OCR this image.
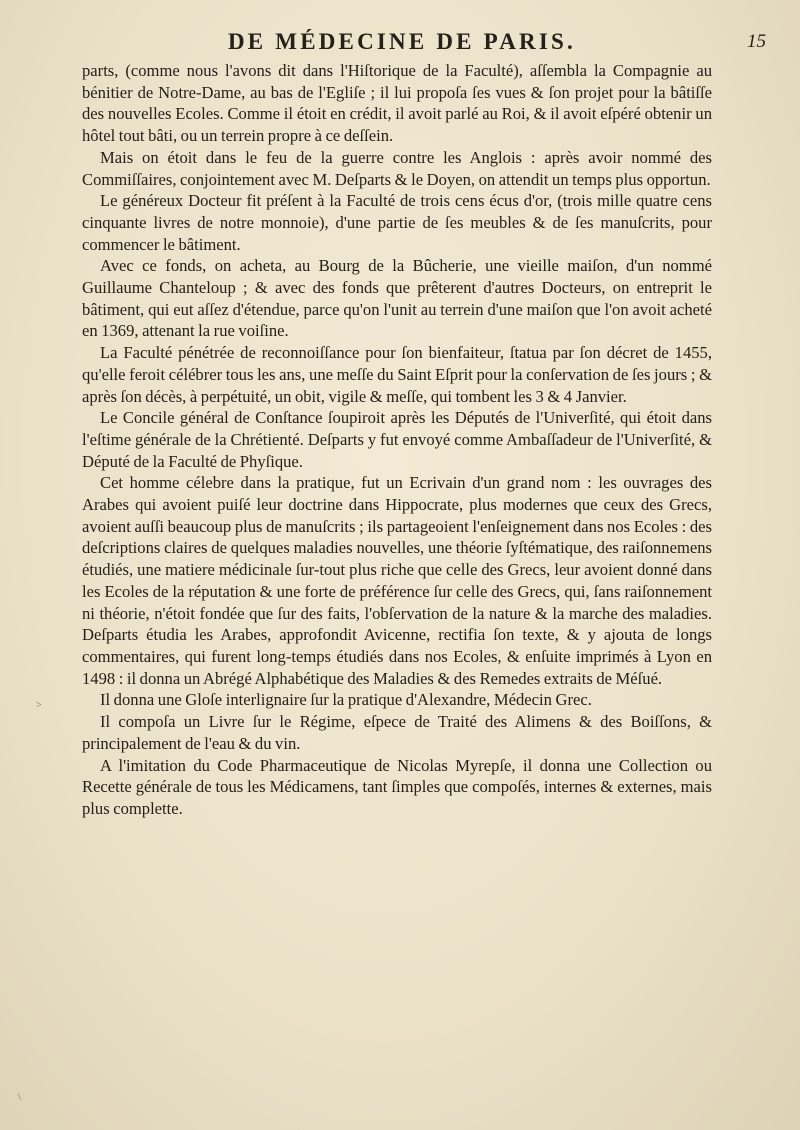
DE MÉDECINE DE PARIS.	15

parts, (comme nous l'avons dit dans l'Hiſtorique de la Faculté), aſſembla la Compagnie au bénitier de Notre-Dame, au bas de l'Egliſe ; il lui propoſa ſes vues & ſon projet pour la bâtiſſe des nouvelles Ecoles. Comme il étoit en crédit, il avoit parlé au Roi, & il avoit eſpéré obtenir un hôtel tout bâti, ou un terrein propre à ce deſſein.

Mais on étoit dans le feu de la guerre contre les Anglois : après avoir nommé des Commiſſaires, conjointement avec M. Deſparts & le Doyen, on attendit un temps plus opportun.

Le généreux Docteur fit préſent à la Faculté de trois cens écus d'or, (trois mille quatre cens cinquante livres de notre monnoie), d'une partie de ſes meubles & de ſes manuſcrits, pour commencer le bâtiment.

Avec ce fonds, on acheta, au Bourg de la Bûcherie, une vieille maiſon, d'un nommé Guillaume Chanteloup ; & avec des fonds que prêterent d'autres Docteurs, on entreprit le bâtiment, qui eut aſſez d'étendue, parce qu'on l'unit au terrein d'une maiſon que l'on avoit acheté en 1369, attenant la rue voiſine.

La Faculté pénétrée de reconnoiſſance pour ſon bienfaiteur, ſtatua par ſon décret de 1455, qu'elle feroit célébrer tous les ans, une meſſe du Saint Eſprit pour la conſervation de ſes jours ; & après ſon décès, à perpétuité, un obit, vigile & meſſe, qui tombent les 3 & 4 Janvier.

Le Concile général de Conſtance ſoupiroit après les Députés de l'Univerſité, qui étoit dans l'eſtime générale de la Chrétienté. Deſparts y fut envoyé comme Ambaſſadeur de l'Univerſité, & Député de la Faculté de Phyſique.

Cet homme célebre dans la pratique, fut un Ecrivain d'un grand nom : les ouvrages des Arabes qui avoient puiſé leur doctrine dans Hippocrate, plus modernes que ceux des Grecs, avoient auſſi beaucoup plus de manuſcrits ; ils partageoient l'enſeignement dans nos Ecoles : des deſcriptions claires de quelques maladies nouvelles, une théorie ſyſtématique, des raiſonnemens étudiés, une matiere médicinale ſur-tout plus riche que celle des Grecs, leur avoient donné dans les Ecoles de la réputation & une forte de préférence ſur celle des Grecs, qui, ſans raiſonnement ni théorie, n'étoit fondée que ſur des faits, l'obſervation de la nature & la marche des maladies. Deſparts étudia les Arabes, approfondit Avicenne, rectifia ſon texte, & y ajouta de longs commentaires, qui furent long-temps étudiés dans nos Ecoles, & enſuite imprimés à Lyon en 1498 : il donna un Abrégé Alphabétique des Maladies & des Remedes extraits de Méſué.

Il donna une Gloſe interlignaire ſur la pratique d'Alexandre, Médecin Grec.

Il compoſa un Livre ſur le Régime, eſpece de Traité des Alimens & des Boiſſons, & principalement de l'eau & du vin.

A l'imitation du Code Pharmaceutique de Nicolas Myrepſe, il donna une Collection ou Recette générale de tous les Médicamens, tant ſimples que compoſés, internes & externes, mais plus complette.

>
\
